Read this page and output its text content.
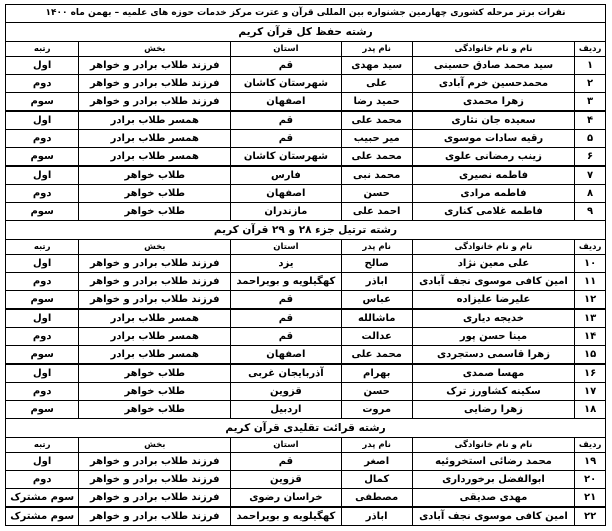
نفرات برتر مرحله کشوری چهارمین جشنواره بین المللی قرآن و عترت مرکز خدمات حوزه های علمیه – بهمن ماه ۱۴۰۰					
رشته حفظ کل قرآن کریم					
ردیف	نام و نام خانوادگی	نام پدر	استان	بخش	رتبه
۱	سید محمد صادق حسینی	سید مهدی	قم	فرزند طلاب برادر و خواهر	اول
۲	محمدحسین خرم آبادی	علی	شهرستان کاشان	فرزند طلاب برادر و خواهر	دوم
۳	زهرا محمدی	حمید رضا	اصفهان	فرزند طلاب برادر و خواهر	سوم
۴	سعیده جان نثاری	محمد علی	قم	همسر طلاب برادر	اول
۵	رقیه سادات موسوی	میر حبیب	قم	همسر طلاب برادر	دوم
۶	زینب رمضانی علوی	محمد علی	شهرستان کاشان	همسر طلاب برادر	سوم
۷	فاطمه نصیری	محمد نبی	فارس	طلاب خواهر	اول
۸	فاطمه مرادی	حسن	اصفهان	طلاب خواهر	دوم
۹	فاطمه غلامی کناری	احمد علی	مازندران	طلاب خواهر	سوم
رشته ترتیل جزء ۲۸ و ۲۹ قرآن کریم					
ردیف	نام و نام خانوادگی	نام پدر	استان	بخش	رتبه
۱۰	علی معین نژاد	صالح	یزد	فرزند طلاب برادر و خواهر	اول
۱۱	امین کافی موسوی نجف آبادی	اباذر	کهگیلویه و بویراحمد	فرزند طلاب برادر و خواهر	دوم
۱۲	علیرضا علیزاده	عباس	قم	فرزند طلاب برادر و خواهر	سوم
۱۳	خدیجه دیاری	ماشالله	قم	همسر طلاب برادر	اول
۱۴	مینا حسن پور	عدالت	قم	همسر طلاب برادر	دوم
۱۵	زهرا قاسمی دستجردی	محمد علی	اصفهان	همسر طلاب برادر	سوم
۱۶	مهسا صمدی	بهرام	آذربایجان غربی	طلاب خواهر	اول
۱۷	سکینه کشاورز ترک	حسن	قزوین	طلاب خواهر	دوم
۱۸	زهرا رضایی	مروت	اردبیل	طلاب خواهر	سوم
رشته قرائت تقلیدی قرآن کریم					
ردیف	نام و نام خانوادگی	نام پدر	استان	بخش	رتبه
۱۹	محمد رضائی استخروئیه	اصغر	قم	فرزند طلاب برادر و خواهر	اول
۲۰	ابوالفضل برخورداری	کمال	قزوین	فرزند طلاب برادر و خواهر	دوم
۲۱	مهدی صدیقی	مصطفی	خراسان رضوی	فرزند طلاب برادر و خواهر	سوم مشترک
۲۲	امین کافی موسوی نجف آبادی	اباذر	کهگیلویه و بویراحمد	فرزند طلاب برادر و خواهر	سوم مشترک
